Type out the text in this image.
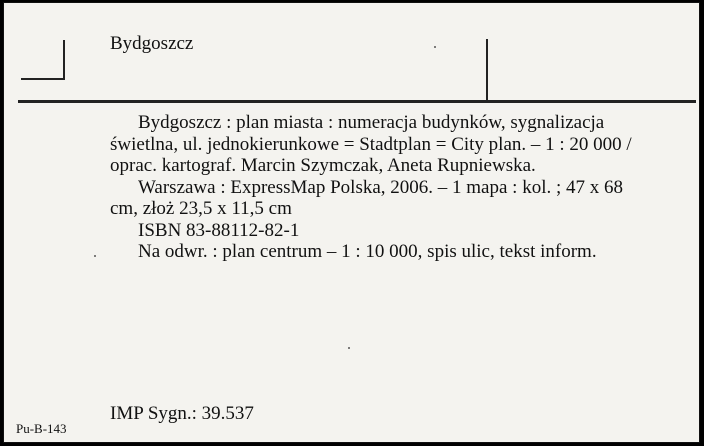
Bydgoszcz

Bydgoszcz : plan miasta : numeracja budynków, sygnalizacja świetlna, ul. jednokierunkowe = Stadtplan = City plan. – 1 : 20 000 / oprac. kartograf. Marcin Szymczak, Aneta Rupniewska.

Warszawa : ExpressMap Polska, 2006. – 1 mapa : kol. ; 47 x 68 cm, złoż 23,5 x 11,5 cm

ISBN 83-88112-82-1

Na odwr. : plan centrum – 1 : 10 000, spis ulic, tekst inform.

IMP Sygn.: 39.537
Pu-B-143
